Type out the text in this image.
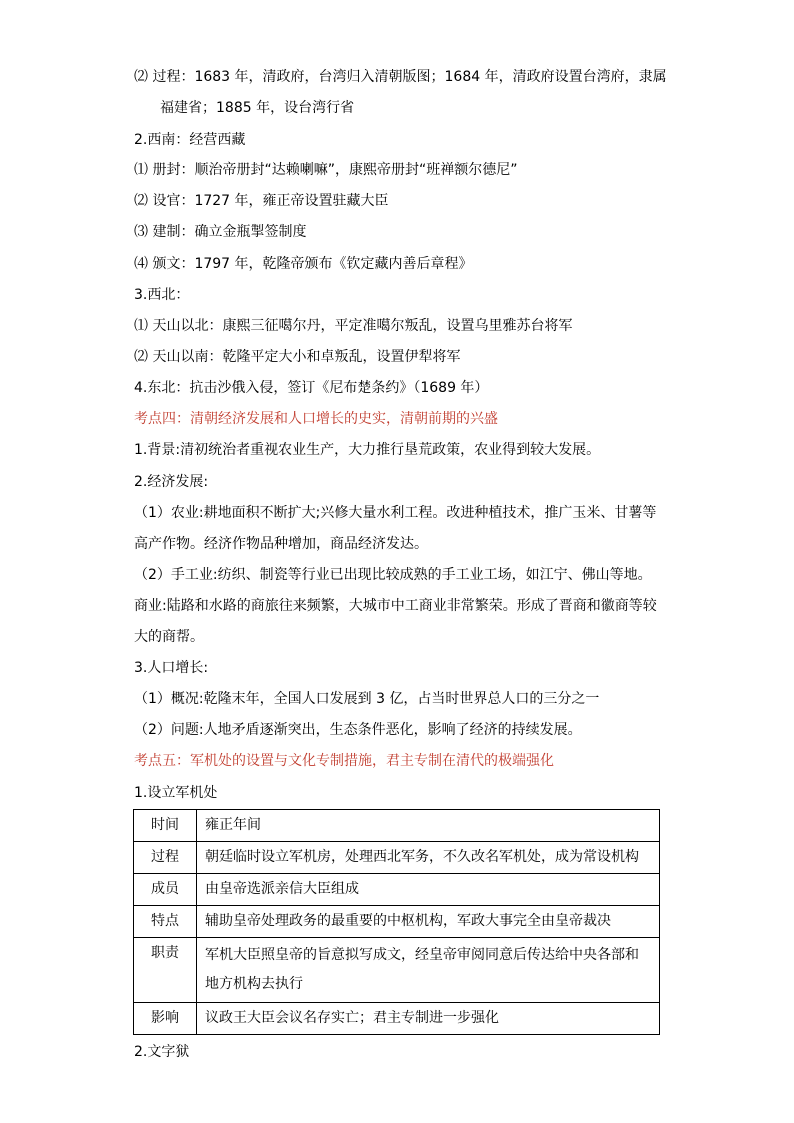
⑵ 过程：1683 年，清政府，台湾归入清朝版图；1684 年，清政府设置台湾府，隶属
福建省；1885 年，设台湾行省
2.西南：经营西藏
⑴ 册封：顺治帝册封“达赖喇嘛”，康熙帝册封“班禅额尔德尼”
⑵ 设官：1727 年，雍正帝设置驻藏大臣
⑶ 建制：确立金瓶掣签制度
⑷ 颁文：1797 年，乾隆帝颁布《钦定藏内善后章程》
3.西北：
⑴ 天山以北：康熙三征噶尔丹，平定准噶尔叛乱，设置乌里雅苏台将军
⑵ 天山以南：乾隆平定大小和卓叛乱，设置伊犁将军
4.东北：抗击沙俄入侵，签订《尼布楚条约》（1689 年）
考点四：清朝经济发展和人口增长的史实，清朝前期的兴盛
1.背景:清初统治者重视农业生产，大力推行垦荒政策，农业得到较大发展。
2.经济发展:
（1）农业:耕地面积不断扩大;兴修大量水利工程。改进种植技术，推广玉米、甘薯等
高产作物。经济作物品种增加，商品经济发达。
（2）手工业:纺织、制瓷等行业已出现比较成熟的手工业工场，如江宁、佛山等地。
商业:陆路和水路的商旅往来频繁，大城市中工商业非常繁荣。形成了晋商和徽商等较
大的商帮。
3.人口增长:
（1）概况:乾隆末年，全国人口发展到 3 亿，占当时世界总人口的三分之一
（2）问题:人地矛盾逐渐突出，生态条件恶化，影响了经济的持续发展。
考点五：军机处的设置与文化专制措施，君主专制在清代的极端强化
1.设立军机处
时间	雍正年间
过程	朝廷临时设立军机房，处理西北军务，不久改名军机处，成为常设机构
成员	由皇帝选派亲信大臣组成
特点	辅助皇帝处理政务的最重要的中枢机构，军政大事完全由皇帝裁决
职责	军机大臣照皇帝的旨意拟写成文，经皇帝审阅同意后传达给中央各部和地方机构去执行
影响	议政王大臣会议名存实亡；君主专制进一步强化
2.文字狱
